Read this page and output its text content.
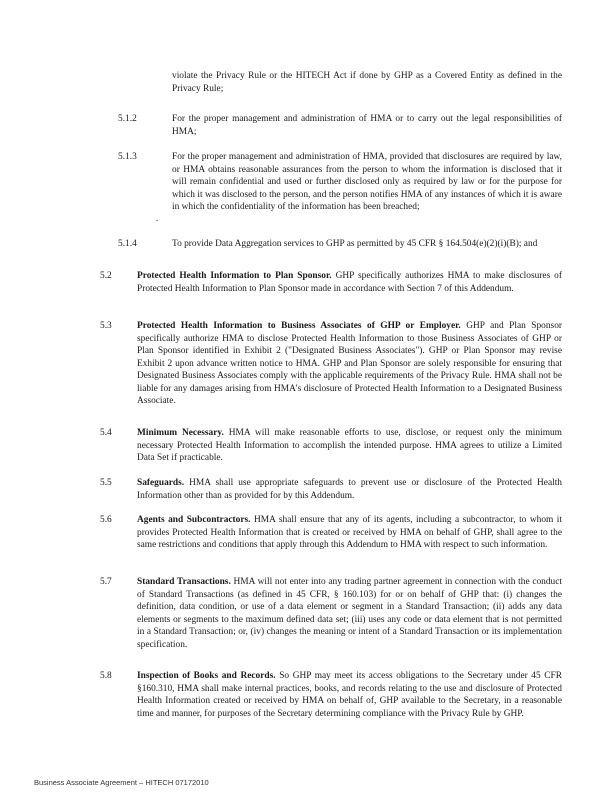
violate the Privacy Rule or the HITECH Act if done by GHP as a Covered Entity as defined in the Privacy Rule;
5.1.2	For the proper management and administration of HMA or to carry out the legal responsibilities of HMA;
5.1.3	For the proper management and administration of HMA, provided that disclosures are required by law, or HMA obtains reasonable assurances from the person to whom the information is disclosed that it will remain confidential and used or further disclosed only as required by law or for the purpose for which it was disclosed to the person, and the person notifies HMA of any instances of which it is aware in which the confidentiality of the information has been breached;
.
5.1.4	To provide Data Aggregation services to GHP as permitted by 45 CFR § 164.504(e)(2)(i)(B); and
5.2	Protected Health Information to Plan Sponsor. GHP specifically authorizes HMA to make disclosures of Protected Health Information to Plan Sponsor made in accordance with Section 7 of this Addendum.
5.3	Protected Health Information to Business Associates of GHP or Employer. GHP and Plan Sponsor specifically authorize HMA to disclose Protected Health Information to those Business Associates of GHP or Plan Sponsor identified in Exhibit 2 ("Designated Business Associates"). GHP or Plan Sponsor may revise Exhibit 2 upon advance written notice to HMA. GHP and Plan Sponsor are solely responsible for ensuring that Designated Business Associates comply with the applicable requirements of the Privacy Rule. HMA shall not be liable for any damages arising from HMA's disclosure of Protected Health Information to a Designated Business Associate.
5.4	Minimum Necessary. HMA will make reasonable efforts to use, disclose, or request only the minimum necessary Protected Health Information to accomplish the intended purpose. HMA agrees to utilize a Limited Data Set if practicable.
5.5	Safeguards. HMA shall use appropriate safeguards to prevent use or disclosure of the Protected Health Information other than as provided for by this Addendum.
5.6	Agents and Subcontractors. HMA shall ensure that any of its agents, including a subcontractor, to whom it provides Protected Health Information that is created or received by HMA on behalf of GHP, shall agree to the same restrictions and conditions that apply through this Addendum to HMA with respect to such information.
5.7	Standard Transactions. HMA will not enter into any trading partner agreement in connection with the conduct of Standard Transactions (as defined in 45 CFR, § 160.103) for or on behalf of GHP that: (i) changes the definition, data condition, or use of a data element or segment in a Standard Transaction; (ii) adds any data elements or segments to the maximum defined data set; (iii) uses any code or data element that is not permitted in a Standard Transaction; or, (iv) changes the meaning or intent of a Standard Transaction or its implementation specification.
5.8	Inspection of Books and Records. So GHP may meet its access obligations to the Secretary under 45 CFR §160.310, HMA shall make internal practices, books, and records relating to the use and disclosure of Protected Health Information created or received by HMA on behalf of, GHP available to the Secretary, in a reasonable time and manner, for purposes of the Secretary determining compliance with the Privacy Rule by GHP.
Business Associate Agreement – HITECH 07172010
